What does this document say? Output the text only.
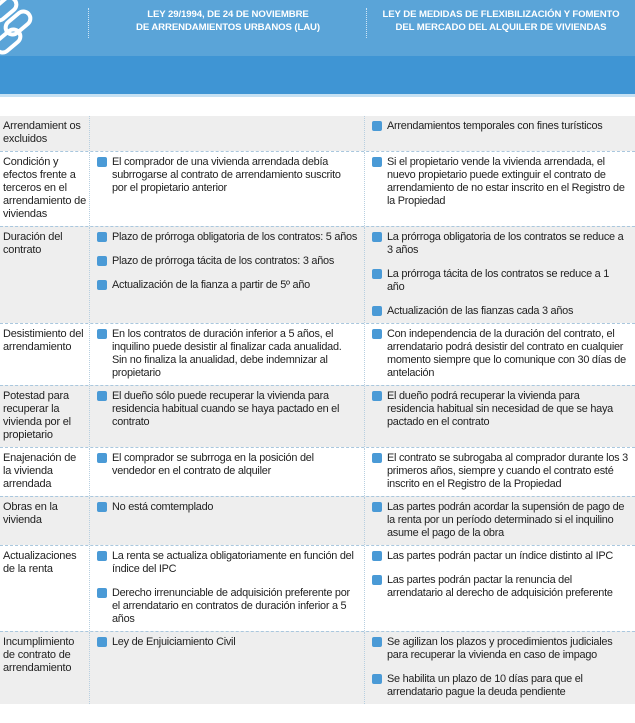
LEY 29/1994, DE 24 DE NOVIEMBRE
DE ARRENDAMIENTOS URBANOS (LAU)
LEY DE MEDIDAS DE FLEXIBILIZACIÓN Y FOMENTO
DEL MERCADO DEL ALQUILER DE VIVIENDAS
Arrendamient os excluidos
Arrendamientos temporales con fines turísticos
Condición y efectos frente a terceros en el arrendamiento de viviendas
El comprador de una vivienda arrendada debía subrrogarse al contrato de arrendamiento suscrito por el propietario anterior
Si el propietario vende la vivienda arrendada, el nuevo propietario puede extinguir el contrato de arrendamiento de no estar inscrito en el Registro de la Propiedad
Duración del contrato
Plazo de prórroga obligatoria de los contratos: 5 años
Plazo de prórroga tácita de los contratos: 3 años
Actualización de la fianza a partir de 5º año
La prórroga obligatoria de los contratos se reduce a 3 años
La prórroga tácita de los contratos se reduce a 1 año
Actualización de las fianzas cada 3 años
Desistimiento del arrendamiento
En los contratos de duración inferior a 5 años, el inquilino puede desistir al finalizar cada anualidad. Sin no finaliza la anualidad, debe indemnizar al propietario
Con independencia de la duración del contrato, el arrendatario podrá desistir del contrato en cualquier momento siempre que lo comunique con 30 días de antelación
Potestad para recuperar la vivienda por el propietario
El dueño sólo puede recuperar la vivienda para residencia habitual cuando se haya pactado en el contrato
El dueño podrá recuperar la vivienda para residencia habitual sin necesidad de que se haya pactado en el contrato
Enajenación de la vivienda arrendada
El comprador se subrroga en la posición del vendedor en el contrato de alquiler
El contrato se subrogaba al comprador durante los 3 primeros años, siempre y cuando el contrato esté inscrito en el Registro de la Propiedad
Obras en la vivienda
No está comtemplado	Las partes podrán acordar la supensión de pago de la renta por un período determinado si el inquilino asume el pago de la obra
Actualizaciones de la renta
La renta se actualiza obligatoriamente en función del índice del IPC
Derecho irrenunciable de adquisición preferente por el arrendatario en contratos de duración inferior a 5 años
Las partes podrán pactar un índice distinto al IPC
Las partes podrán pactar la renuncia del arrendatario al derecho de adquisición preferente
Incumplimiento de contrato de arrendamiento
Ley de Enjuiciamiento Civil	Se agilizan los plazos y procedimientos judiciales para recuperar la vivienda en caso de impago
Se habilita un plazo de 10 días para que el arrendatario pague la deuda pendiente
